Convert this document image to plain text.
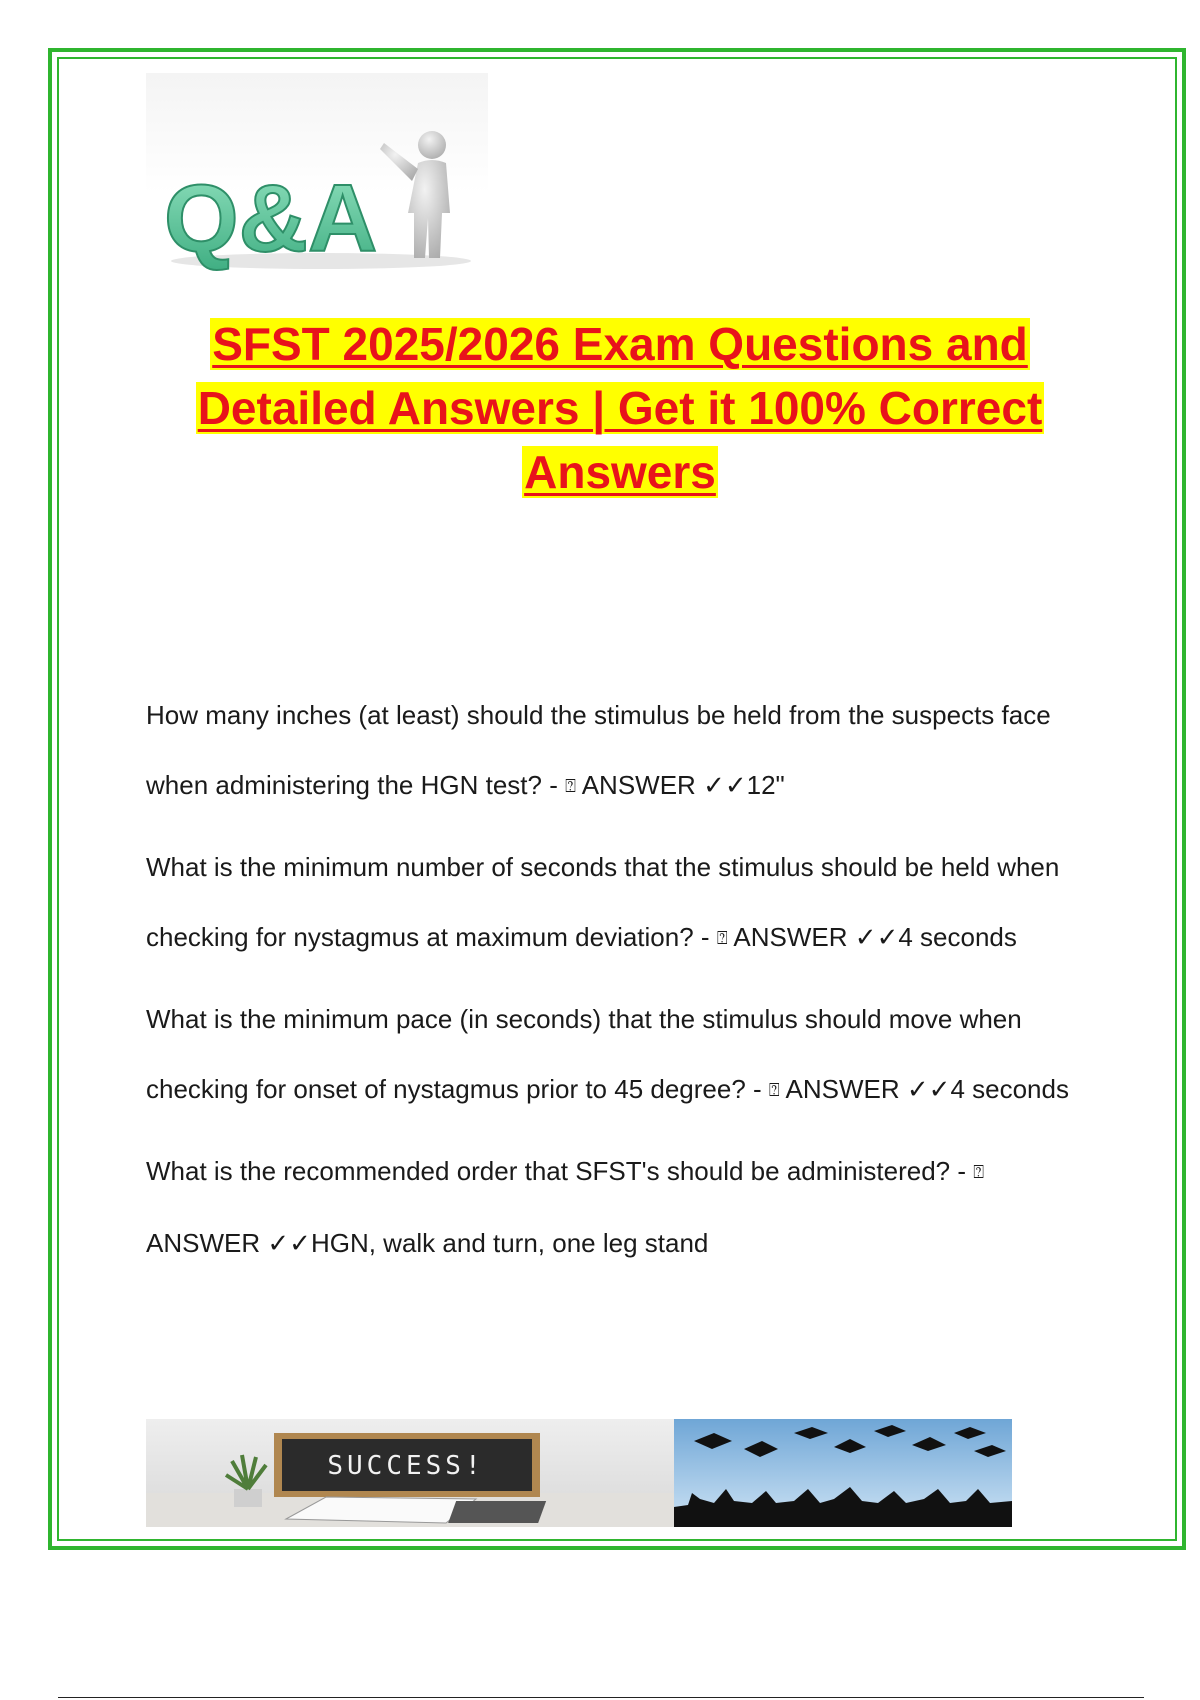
Q&A
SFST 2025/2026 Exam Questions and Detailed Answers | Get it 100% Correct Answers

How many inches (at least) should the stimulus be held from the suspects face when administering the HGN test? - ⍰ ANSWER ✓✓12"

What is the minimum number of seconds that the stimulus should be held when checking for nystagmus at maximum deviation? - ⍰ ANSWER ✓✓4 seconds

What is the minimum pace (in seconds) that the stimulus should move when checking for onset of nystagmus prior to 45 degree? - ⍰ ANSWER ✓✓4 seconds

What is the recommended order that SFST's should be administered? - ⍰ ANSWER ✓✓HGN, walk and turn, one leg stand

SUCCESS!
